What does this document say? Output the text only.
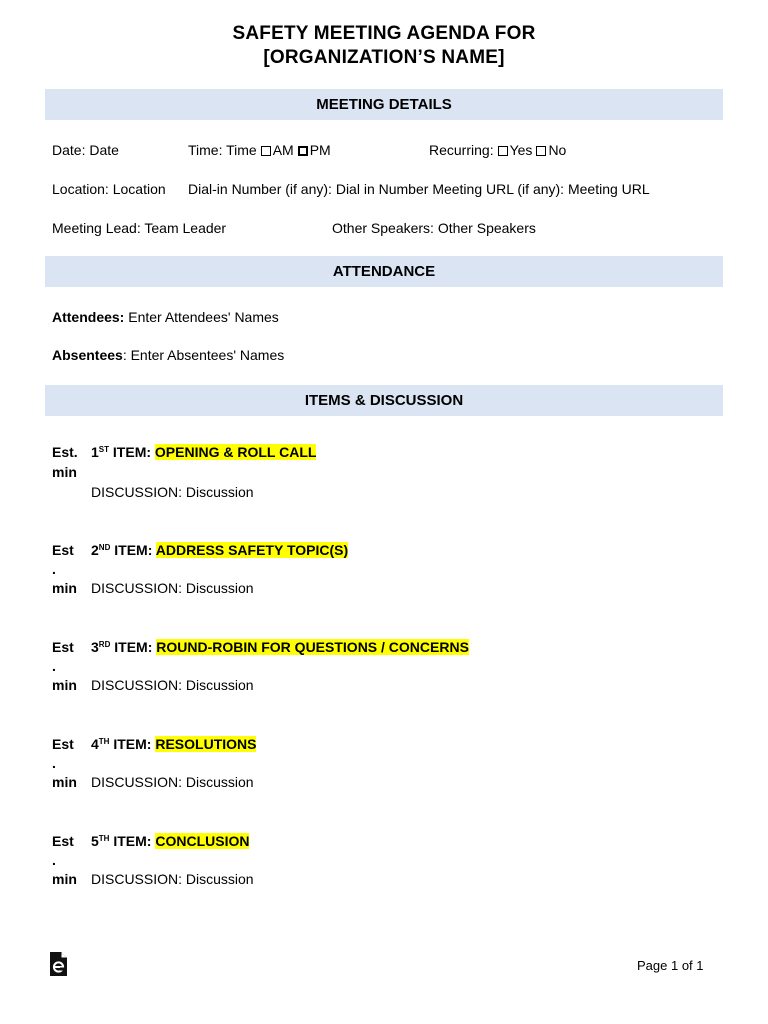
SAFETY MEETING AGENDA FOR
[ORGANIZATION’S NAME]
MEETING DETAILS
Date: Date	Time: Time AM PM	Recurring: Yes No
Location: Location Dial-in Number (if any): Dial in Number Meeting URL (if any): Meeting URL
Meeting Lead: Team Leader	Other Speakers: Other Speakers
ATTENDANCE
Attendees: Enter Attendees' Names
Absentees: Enter Absentees' Names
ITEMS & DISCUSSION
Est.
min
1ST ITEM: OPENING & ROLL CALL
DISCUSSION: Discussion
Est
.
min
2ND ITEM: ADDRESS SAFETY TOPIC(S)
DISCUSSION: Discussion
Est
.
min
3RD ITEM: ROUND-ROBIN FOR QUESTIONS / CONCERNS
DISCUSSION: Discussion
Est
.
min
4TH ITEM: RESOLUTIONS
DISCUSSION: Discussion
Est
.
min
5TH ITEM: CONCLUSION
DISCUSSION: Discussion
Page 1 of 1
